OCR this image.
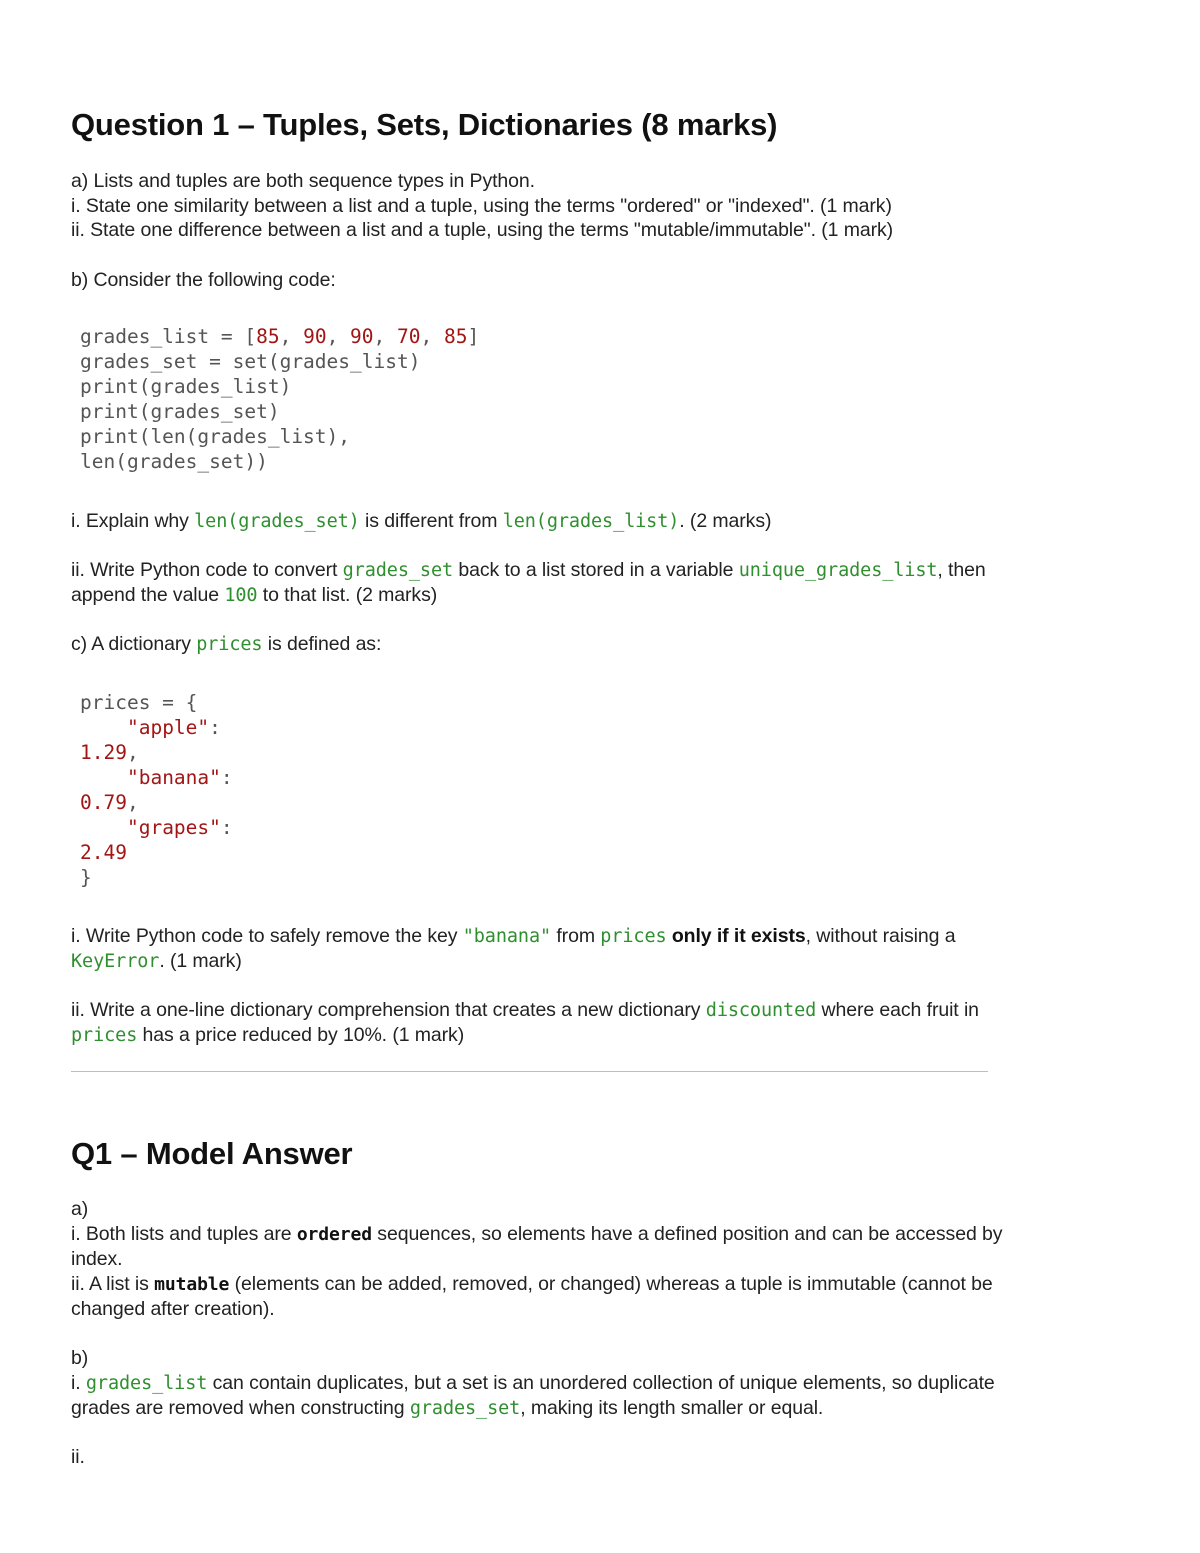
Question 1 – Tuples, Sets, Dictionaries (8 marks)
a) Lists and tuples are both sequence types in Python.
i. State one similarity between a list and a tuple, using the terms "ordered" or "indexed". (1 mark)
ii. State one difference between a list and a tuple, using the terms "mutable/immutable". (1 mark)
b) Consider the following code:
grades_list = [85, 90, 90, 70, 85]
grades_set = set(grades_list)
print(grades_list)
print(grades_set)
print(len(grades_list),
len(grades_set))
i. Explain why len(grades_set) is different from len(grades_list). (2 marks)
ii. Write Python code to convert grades_set back to a list stored in a variable unique_grades_list, then
append the value 100 to that list. (2 marks)
c) A dictionary prices is defined as:
prices = {
"apple":
1.29,
"banana":
0.79,
"grapes":
2.49
}
i. Write Python code to safely remove the key "banana" from prices only if it exists, without raising a
KeyError. (1 mark)
ii. Write a one-line dictionary comprehension that creates a new dictionary discounted where each fruit in
prices has a price reduced by 10%. (1 mark)
Q1 – Model Answer
a)
i. Both lists and tuples are ordered sequences, so elements have a defined position and can be accessed by
index.
ii. A list is mutable (elements can be added, removed, or changed) whereas a tuple is immutable (cannot be
changed after creation).
b)
i. grades_list can contain duplicates, but a set is an unordered collection of unique elements, so duplicate
grades are removed when constructing grades_set, making its length smaller or equal.
ii.
